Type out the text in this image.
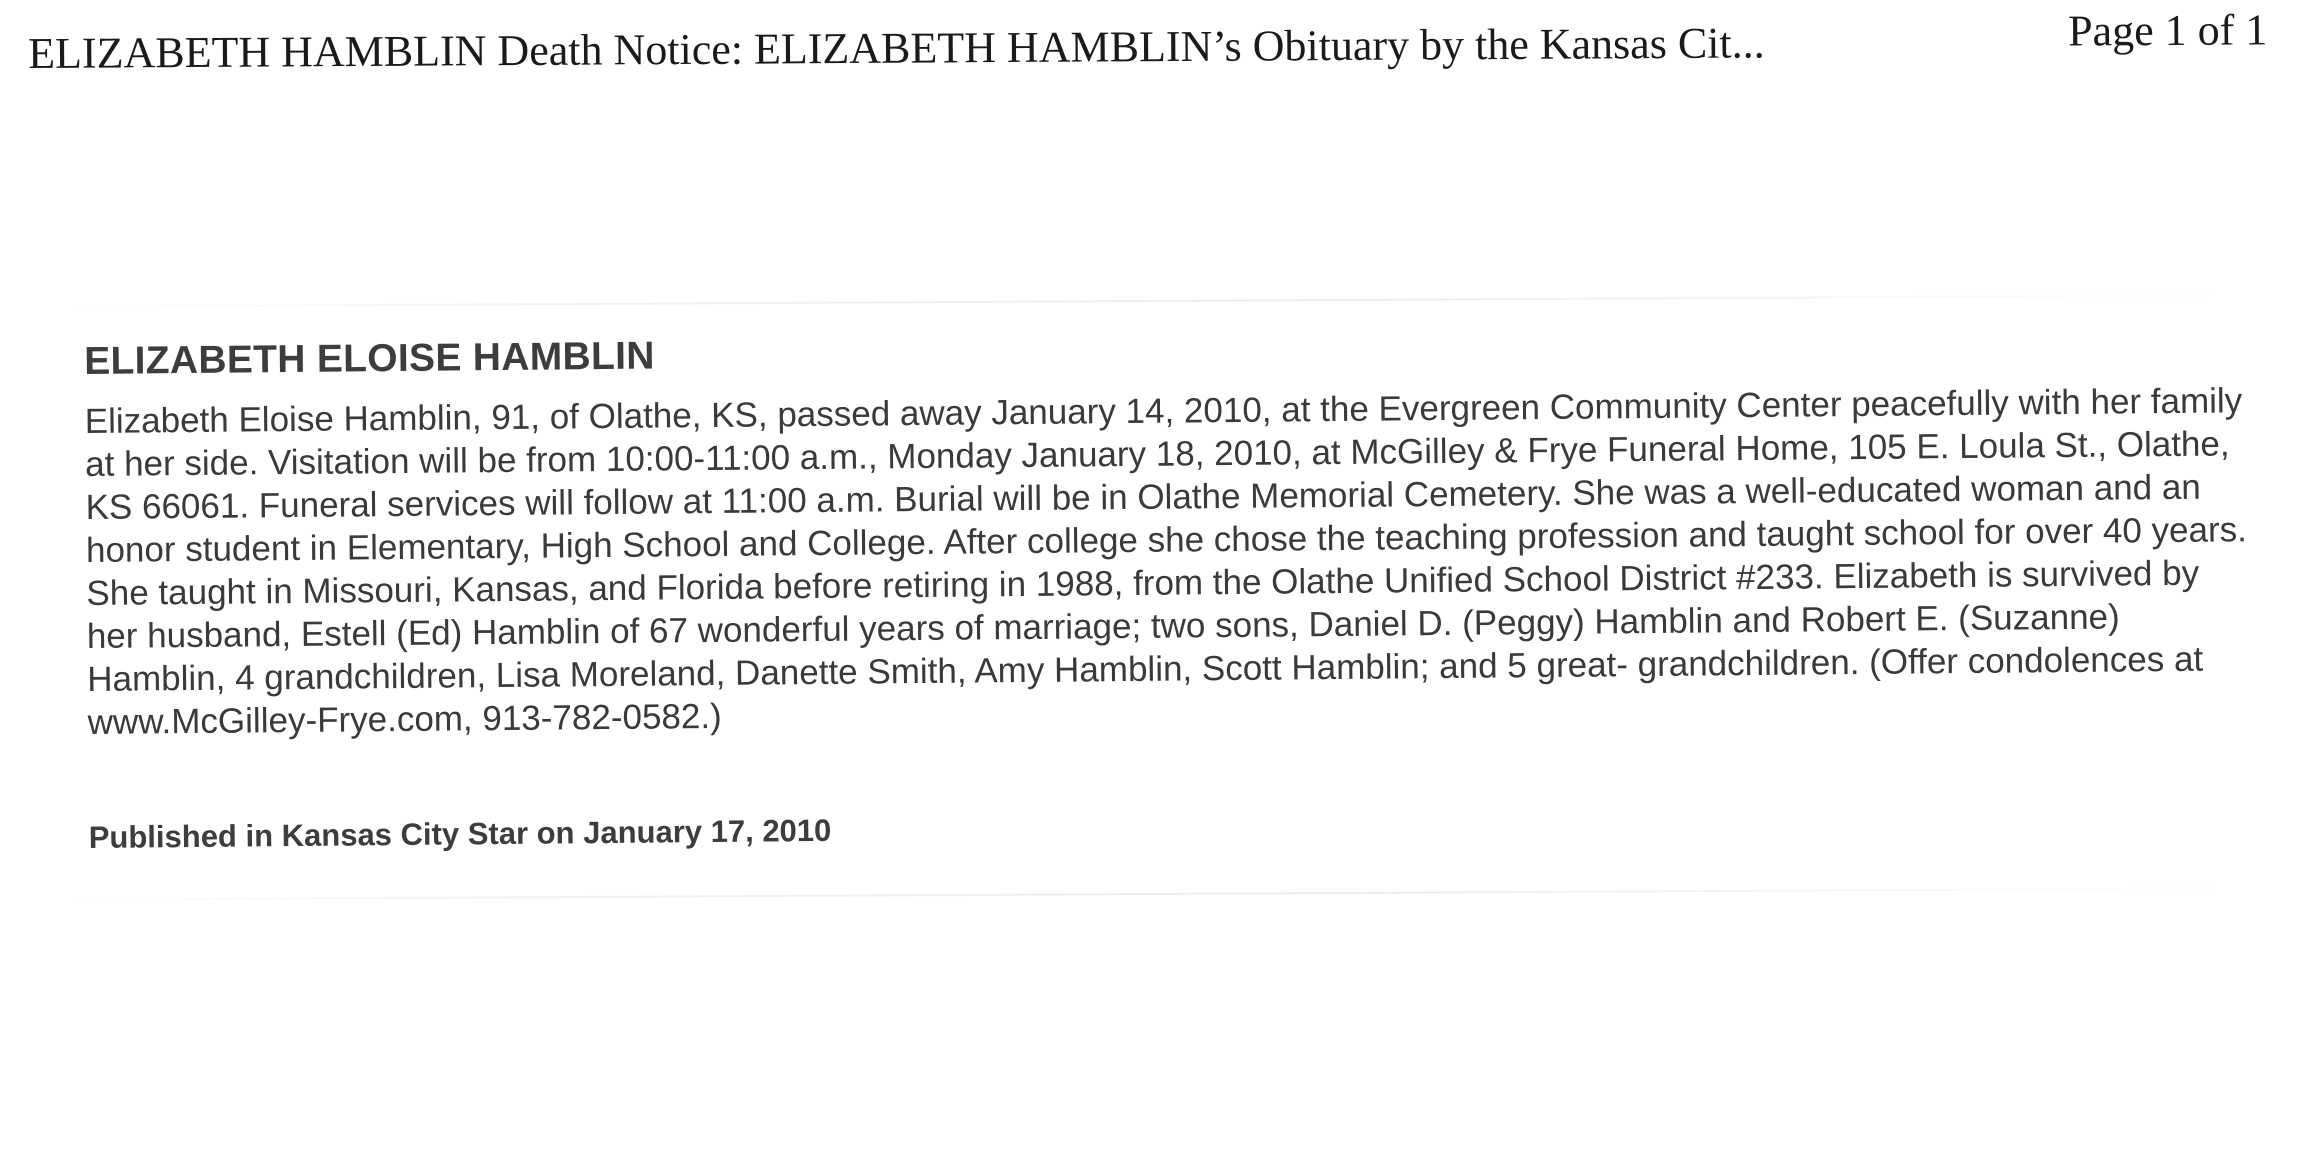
ELIZABETH HAMBLIN Death Notice: ELIZABETH HAMBLIN’s Obituary by the Kansas Cit...	Page 1 of 1
ELIZABETH ELOISE HAMBLIN

Elizabeth Eloise Hamblin, 91, of Olathe, KS, passed away January 14, 2010, at the Evergreen Community Center peacefully with her family at her side. Visitation will be from 10:00-11:00 a.m., Monday January 18, 2010, at McGilley & Frye Funeral Home, 105 E. Loula St., Olathe, KS 66061. Funeral services will follow at 11:00 a.m. Burial will be in Olathe Memorial Cemetery. She was a well-educated woman and an honor student in Elementary, High School and College. After college she chose the teaching profession and taught school for over 40 years. She taught in Missouri, Kansas, and Florida before retiring in 1988, from the Olathe Unified School District #233. Elizabeth is survived by her husband, Estell (Ed) Hamblin of 67 wonderful years of marriage; two sons, Daniel D. (Peggy) Hamblin and Robert E. (Suzanne) Hamblin, 4 grandchildren, Lisa Moreland, Danette Smith, Amy Hamblin, Scott Hamblin; and 5 great- grandchildren. (Offer condolences at www.McGilley-Frye.com, 913-782-0582.)

Published in Kansas City Star on January 17, 2010
